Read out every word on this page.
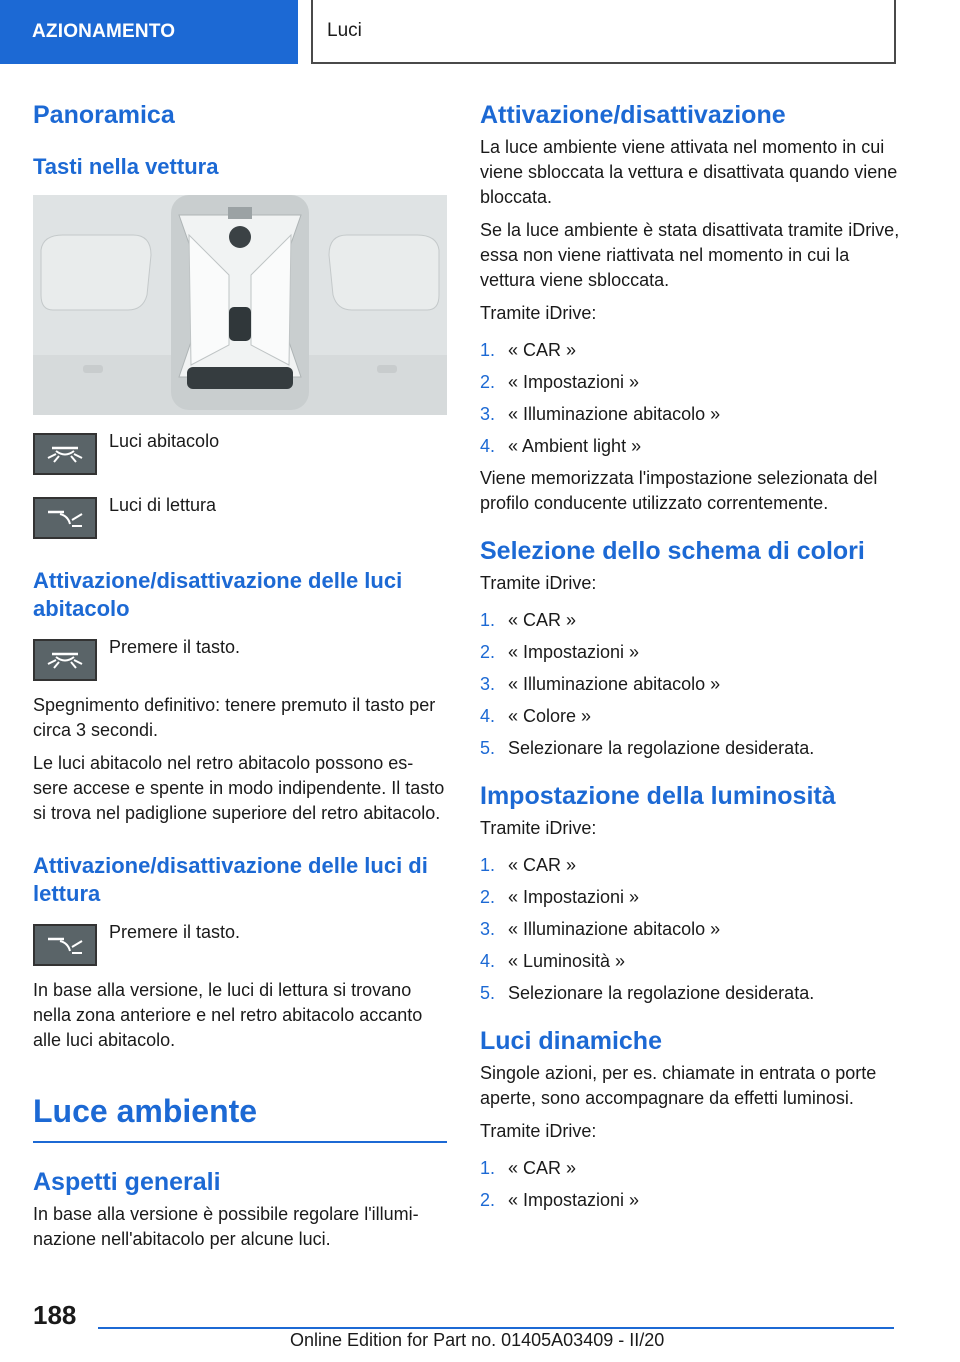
AZIONAMENTO	Luci
Panoramica
Tasti nella vettura
Luci abitacolo
Luci di lettura
Attivazione/disattivazione delle luci abitacolo
Premere il tasto.

Spegnimento definitivo: tenere premuto il tasto per circa 3 secondi.

Le luci abitacolo nel retro abitacolo possono es-sere accese e spente in modo indipendente. Il tasto si trova nel padiglione superiore del retro abitacolo.

Attivazione/disattivazione delle luci di lettura
Premere il tasto.

In base alla versione, le luci di lettura si trovano nella zona anteriore e nel retro abitacolo accanto alle luci abitacolo.

Luce ambiente
Aspetti generali

In base alla versione è possibile regolare l'illumi-nazione nell'abitacolo per alcune luci.

Attivazione/disattivazione

La luce ambiente viene attivata nel momento in cui viene sbloccata la vettura e disattivata quando viene bloccata.

Se la luce ambiente è stata disattivata tramite iDrive, essa non viene riattivata nel momento in cui la vettura viene sbloccata.

Tramite iDrive:

1. « CAR »
2. « Impostazioni »
3. « Illuminazione abitacolo »
4. « Ambient light »

Viene memorizzata l'impostazione selezionata del profilo conducente utilizzato correntemente.

Selezione dello schema di colori

Tramite iDrive:

1. « CAR »
2. « Impostazioni »
3. « Illuminazione abitacolo »
4. « Colore »
5. Selezionare la regolazione desiderata.
Impostazione della luminosità

Tramite iDrive:

1. « CAR »
2. « Impostazioni »
3. « Illuminazione abitacolo »
4. « Luminosità »
5. Selezionare la regolazione desiderata.
Luci dinamiche

Singole azioni, per es. chiamate in entrata o porte aperte, sono accompagnare da effetti luminosi.

Tramite iDrive:

1. « CAR »
2. « Impostazioni »
188
Online Edition for Part no. 01405A03409 - II/20
